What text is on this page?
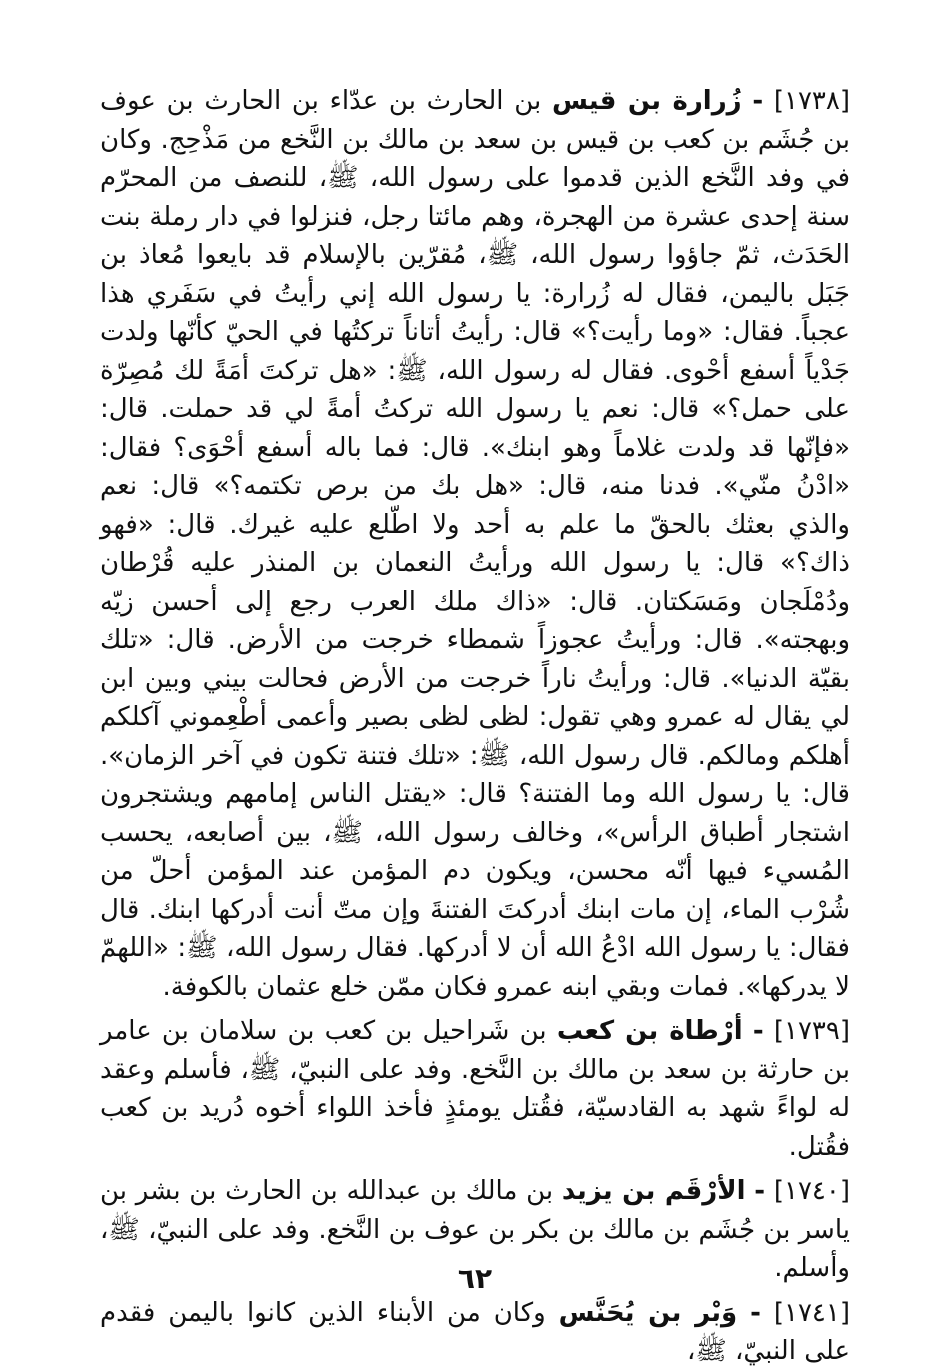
[١٧٣٨] - زُرارة بن قيس بن الحارث بن عدّاء بن الحارث بن عوف بن جُشَم بن كعب بن قيس بن سعد بن مالك بن النَّخع من مَذْحِج. وكان في وفد النَّخع الذين قدموا على رسول الله، ﷺ، للنصف من المحرّم سنة إحدى عشرة من الهجرة، وهم مائتا رجل، فنزلوا في دار رملة بنت الحَدَث، ثمّ جاؤوا رسول الله، ﷺ، مُقرّين بالإسلام قد بايعوا مُعاذ بن جَبَل باليمن، فقال له زُرارة: يا رسول الله إني رأيتُ في سَفَري هذا عجباً. فقال: «وما رأيت؟» قال: رأيتُ أتاناً تركتُها في الحيّ كأنّها ولدت جَدْياً أسفع أحْوى. فقال له رسول الله، ﷺ: «هل تركتَ أمَةً لك مُصِرّة على حمل؟» قال: نعم يا رسول الله تركتُ أمةً لي قد حملت. قال: «فإنّها قد ولدت غلاماً وهو ابنك». قال: فما باله أسفع أحْوَى؟ فقال: «ادْنُ منّي». فدنا منه، قال: «هل بك من برص تكتمه؟» قال: نعم والذي بعثك بالحقّ ما علم به أحد ولا اطّلع عليه غيرك. قال: «فهو ذاك؟» قال: يا رسول الله ورأيتُ النعمان بن المنذر عليه قُرْطان ودُمْلَجان ومَسَكتان. قال: «ذاك ملك العرب رجع إلى أحسن زيّه وبهجته». قال: ورأيتُ عجوزاً شمطاء خرجت من الأرض. قال: «تلك بقيّة الدنيا». قال: ورأيتُ ناراً خرجت من الأرض فحالت بيني وبين ابن لي يقال له عمرو وهي تقول: لظى لظى بصير وأعمى أطْعِموني آكلكم أهلكم ومالكم. قال رسول الله، ﷺ: «تلك فتنة تكون في آخر الزمان». قال: يا رسول الله وما الفتنة؟ قال: «يقتل الناس إمامهم ويشتجرون اشتجار أطباق الرأس»، وخالف رسول الله، ﷺ، بين أصابعه، يحسب المُسيء فيها أنّه محسن، ويكون دم المؤمن عند المؤمن أحلّ من شُرْب الماء، إن مات ابنك أدركتَ الفتنةَ وإن متّ أنت أدركها ابنك. قال فقال: يا رسول الله ادْعُ الله أن لا أدركها. فقال رسول الله، ﷺ: «اللهمّ لا يدركها». فمات وبقي ابنه عمرو فكان ممّن خلع عثمان بالكوفة.

[١٧٣٩] - أرْطاة بن كعب بن شَراحيل بن كعب بن سلامان بن عامر بن حارثة بن سعد بن مالك بن النَّخع. وفد على النبيّ، ﷺ، فأسلم وعقد له لواءً شهد به القادسيّة، فقُتل يومئذٍ فأخذ اللواء أخوه دُريد بن كعب فقُتل.

[١٧٤٠] - الأرْقَم بن يزيد بن مالك بن عبدالله بن الحارث بن بشر بن ياسر بن جُشَم بن مالك بن بكر بن عوف بن النَّخع. وفد على النبيّ، ﷺ، وأسلم.

[١٧٤١] - وَبْر بن يُحَنَّس وكان من الأبناء الذين كانوا باليمن فقدم على النبيّ، ﷺ،

٦٢
